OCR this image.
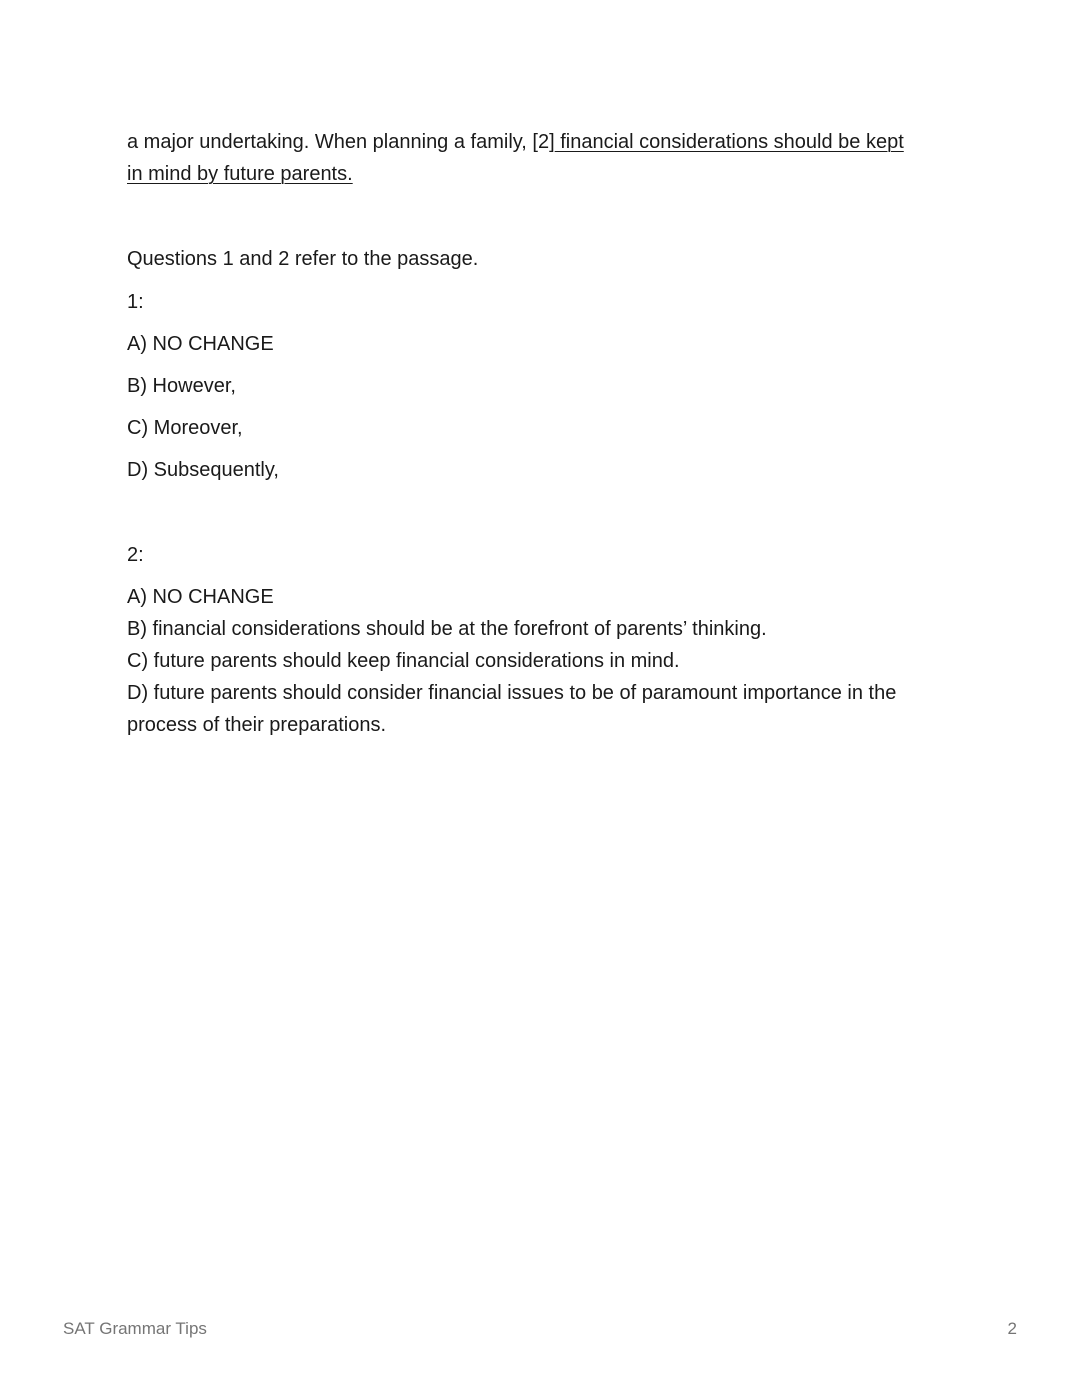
a major undertaking. When planning a family, [2] financial considerations should be kept
in mind by future parents.

Questions 1 and 2 refer to the passage.

1:

A) NO CHANGE

B) However,

C) Moreover,

D) Subsequently,

2:

A) NO CHANGE

B) financial considerations should be at the forefront of parents’ thinking.

C) future parents should keep financial considerations in mind.

D) future parents should consider financial issues to be of paramount importance in the process of their preparations.

SAT Grammar Tips	2
